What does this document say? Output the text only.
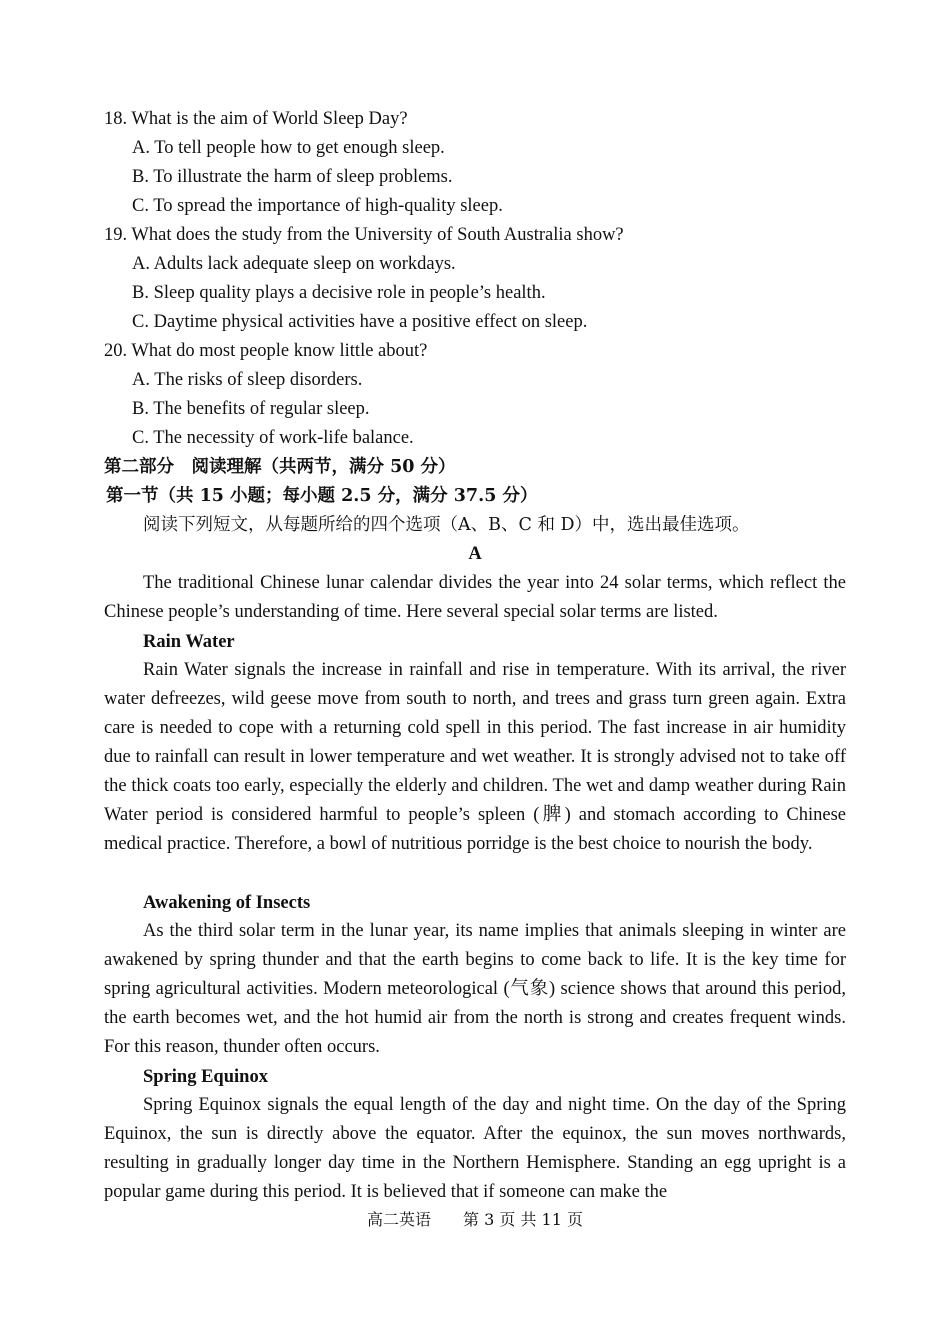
18. What is the aim of World Sleep Day?
A. To tell people how to get enough sleep.
B. To illustrate the harm of sleep problems.
C. To spread the importance of high-quality sleep.
19. What does the study from the University of South Australia show?
A. Adults lack adequate sleep on workdays.
B. Sleep quality plays a decisive role in people’s health.
C. Daytime physical activities have a positive effect on sleep.
20. What do most people know little about?
A. The risks of sleep disorders.
B. The benefits of regular sleep.
C. The necessity of work-life balance.
第二部分　阅读理解（共两节，满分 50 分）
第一节（共 15 小题；每小题 2.5 分，满分 37.5 分）
阅读下列短文，从每题所给的四个选项（A、B、C 和 D）中，选出最佳选项。
A

The traditional Chinese lunar calendar divides the year into 24 solar terms, which reflect the Chinese people’s understanding of time. Here several special solar terms are listed.

Rain Water

Rain Water signals the increase in rainfall and rise in temperature. With its arrival, the river water defreezes, wild geese move from south to north, and trees and grass turn green again. Extra care is needed to cope with a returning cold spell in this period. The fast increase in air humidity due to rainfall can result in lower temperature and wet weather. It is strongly advised not to take off the thick coats too early, especially the elderly and children. The wet and damp weather during Rain Water period is considered harmful to people’s spleen (脾) and stomach according to Chinese medical practice. Therefore, a bowl of nutritious porridge is the best choice to nourish the body.

Awakening of Insects

As the third solar term in the lunar year, its name implies that animals sleeping in winter are awakened by spring thunder and that the earth begins to come back to life. It is the key time for spring agricultural activities. Modern meteorological (气象) science shows that around this period, the earth becomes wet, and the hot humid air from the north is strong and creates frequent winds. For this reason, thunder often occurs.

Spring Equinox

Spring Equinox signals the equal length of the day and night time. On the day of the Spring Equinox, the sun is directly above the equator. After the equinox, the sun moves northwards, resulting in gradually longer day time in the Northern Hemisphere. Standing an egg upright is a popular game during this period. It is believed that if someone can make the

高二英语　　第 3 页 共 11 页
